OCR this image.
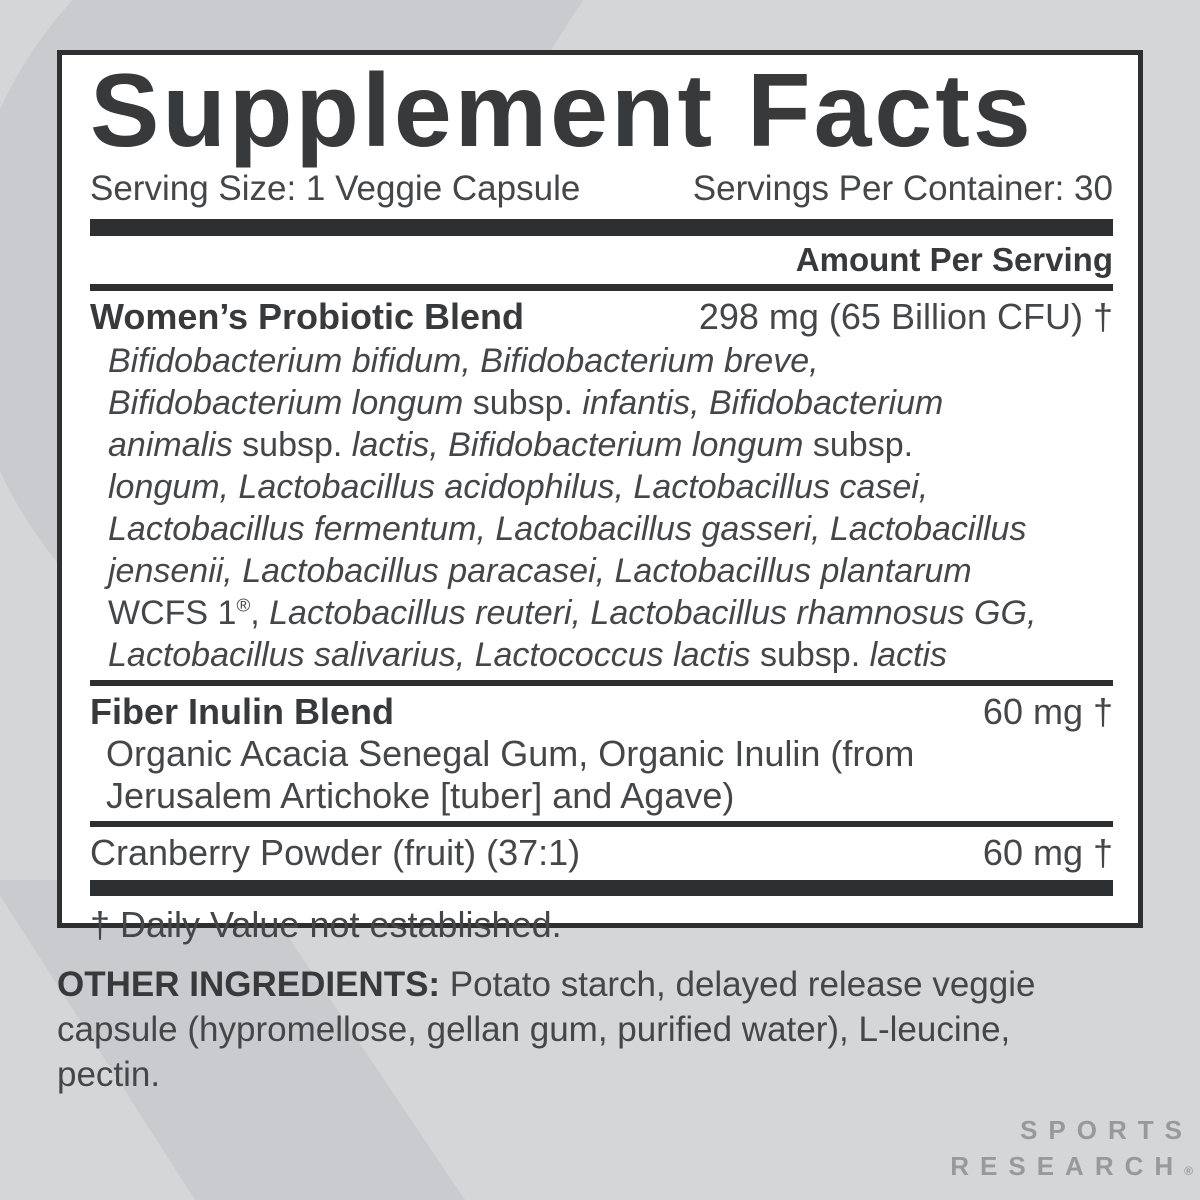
Supplement Facts
Serving Size: 1 Veggie Capsule	Servings Per Container: 30
Amount Per Serving
Women’s Probiotic Blend	298 mg (65 Billion CFU) †
Bifidobacterium bifidum, Bifidobacterium breve,
Bifidobacterium longum subsp. infantis, Bifidobacterium
animalis subsp. lactis, Bifidobacterium longum subsp.
longum, Lactobacillus acidophilus, Lactobacillus casei,
Lactobacillus fermentum, Lactobacillus gasseri, Lactobacillus
jensenii, Lactobacillus paracasei, Lactobacillus plantarum
WCFS 1®, Lactobacillus reuteri, Lactobacillus rhamnosus GG,
Lactobacillus salivarius, Lactococcus lactis subsp. lactis
Fiber Inulin Blend	60 mg †
Organic Acacia Senegal Gum, Organic Inulin (from
Jerusalem Artichoke [tuber] and Agave)
Cranberry Powder (fruit) (37:1)	60 mg †
† Daily Value not established.
OTHER INGREDIENTS: Potato starch, delayed release veggie
capsule (hypromellose, gellan gum, purified water), L-leucine,
pectin.
SPORTS
RESEARCH®
